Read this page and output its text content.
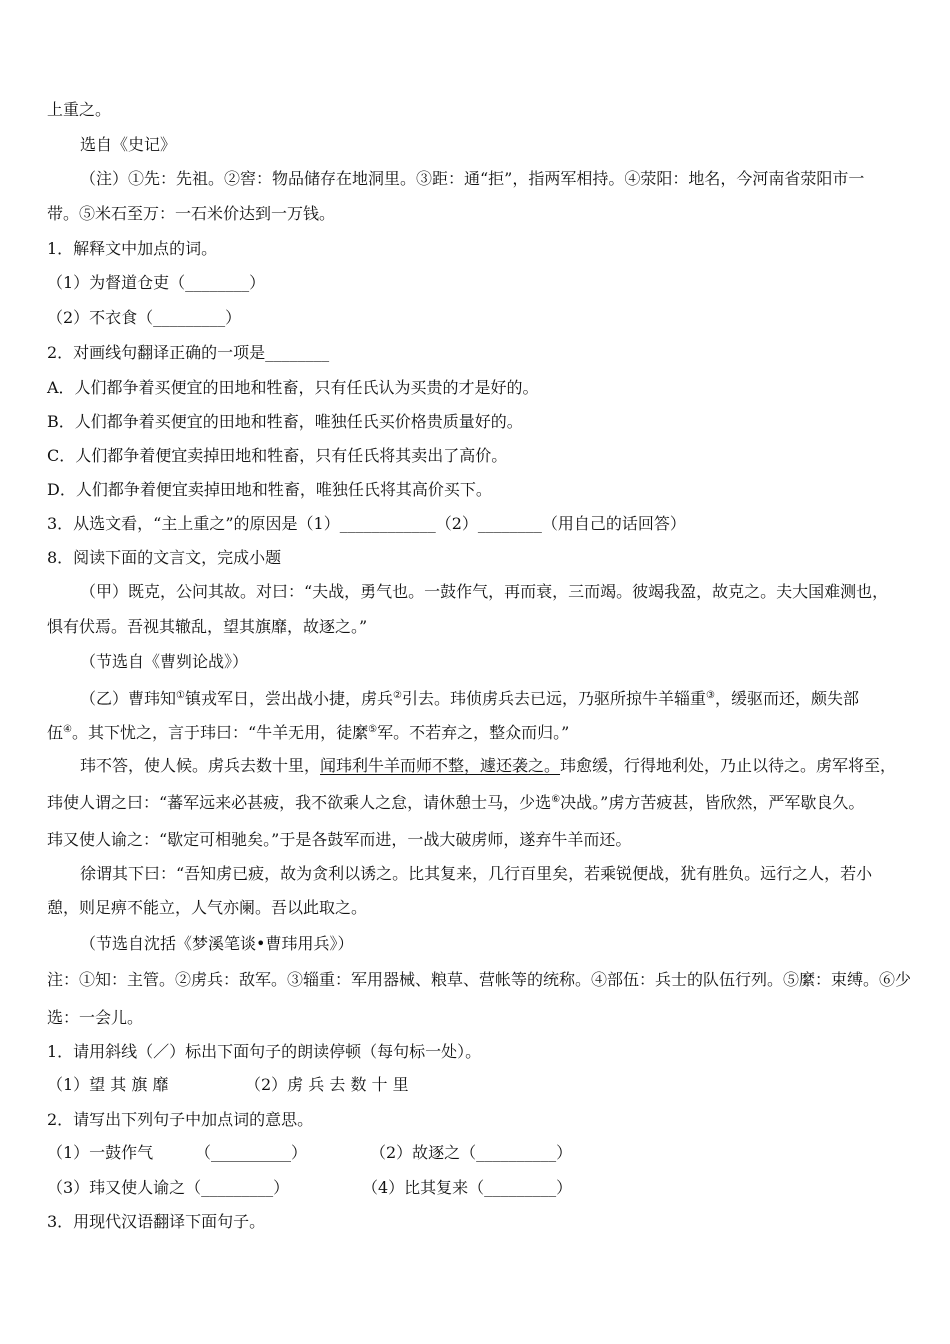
上重之。
选自《史记》
（注）①先：先祖。②窖：物品储存在地洞里。③距：通“拒”，指两军相持。④荥阳：地名，今河南省荥阳市一
带。⑤米石至万：一石米价达到一万钱。
1．解释文中加点的词。
（1）为督道仓吏（________）
（2）不衣食（_________）
2．对画线句翻译正确的一项是________
A．人们都争着买便宜的田地和牲畜，只有任氏认为买贵的才是好的。
B．人们都争着买便宜的田地和牲畜，唯独任氏买价格贵质量好的。
C．人们都争着便宜卖掉田地和牲畜，只有任氏将其卖出了高价。
D．人们都争着便宜卖掉田地和牲畜，唯独任氏将其高价买下。
3．从选文看，“主上重之”的原因是（1）____________（2）________（用自己的话回答）
8．阅读下面的文言文，完成小题
（甲）既克，公问其故。对曰：“夫战，勇气也。一鼓作气，再而衰，三而竭。彼竭我盈，故克之。夫大国难测也，
惧有伏焉。吾视其辙乱，望其旗靡，故逐之。”
（节选自《曹刿论战》）
（乙）曹玮知①镇戎军日，尝出战小捷，虏兵②引去。玮侦虏兵去已远，乃驱所掠牛羊辎重③，缓驱而还，颇失部
伍④。其下忧之，言于玮曰：“牛羊无用，徒縻⑤军。不若弃之，整众而归。”
玮不答，使人候。虏兵去数十里，闻玮利牛羊而师不整，遽还袭之。玮愈缓，行得地利处，乃止以待之。虏军将至，
玮使人谓之曰：“蕃军远来必甚疲，我不欲乘人之怠，请休憩士马，少选⑥决战。”虏方苦疲甚，皆欣然，严军歇良久。
玮又使人谕之：“歇定可相驰矣。”于是各鼓军而进，一战大破虏师，遂弃牛羊而还。
徐谓其下曰：“吾知虏已疲，故为贪利以诱之。比其复来，几行百里矣，若乘锐便战，犹有胜负。远行之人，若小
憩，则足痹不能立，人气亦阑。吾以此取之。
（节选自沈括《梦溪笔谈•曹玮用兵》）
注：①知：主管。②虏兵：敌军。③辎重：军用器械、粮草、营帐等的统称。④部伍：兵士的队伍行列。⑤縻：束缚。⑥少
选：一会儿。
1．请用斜线（／）标出下面句子的朗读停顿（每句标一处）。
（1）望 其 旗 靡	（2）虏 兵 去 数 十 里
2．请写出下列句子中加点词的意思。
（1）一鼓作气	（__________）	（2）故逐之（__________）
（3）玮又使人谕之（_________）	（4）比其复来（_________）
3．用现代汉语翻译下面句子。
